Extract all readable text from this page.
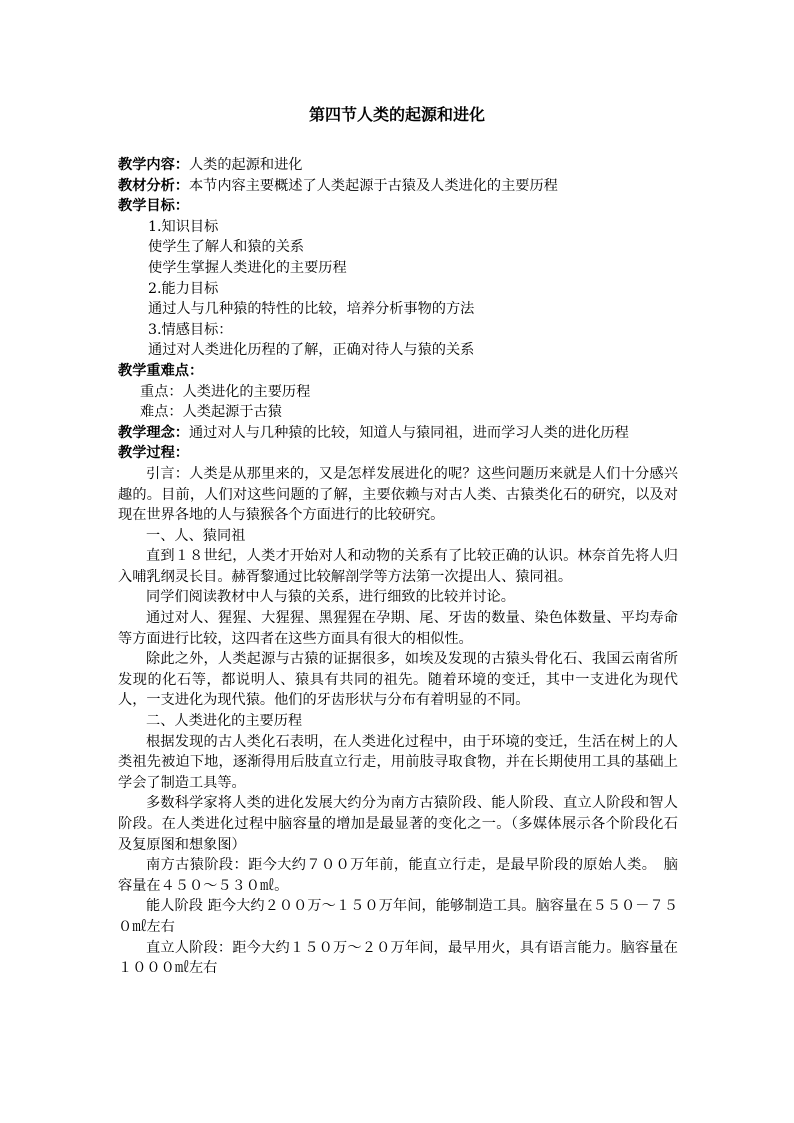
第四节人类的起源和进化
教学内容：人类的起源和进化
教材分析：本节内容主要概述了人类起源于古猿及人类进化的主要历程
教学目标：
1.知识目标
使学生了解人和猿的关系
使学生掌握人类进化的主要历程
2.能力目标
通过人与几种猿的特性的比较，培养分析事物的方法
3.情感目标：
通过对人类进化历程的了解，正确对待人与猿的关系
教学重难点：
重点：人类进化的主要历程
难点：人类起源于古猿
教学理念：通过对人与几种猿的比较，知道人与猿同祖，进而学习人类的进化历程
教学过程：
引言：人类是从那里来的，又是怎样发展进化的呢？这些问题历来就是人们十分感兴趣的。目前，人们对这些问题的了解，主要依赖与对古人类、古猿类化石的研究，以及对现在世界各地的人与猿猴各个方面进行的比较研究。
一、人、猿同祖
直到１８世纪，人类才开始对人和动物的关系有了比较正确的认识。林奈首先将人归入哺乳纲灵长目。赫胥黎通过比较解剖学等方法第一次提出人、猿同祖。
同学们阅读教材中人与猿的关系，进行细致的比较并讨论。
通过对人、猩猩、大猩猩、黑猩猩在孕期、尾、牙齿的数量、染色体数量、平均寿命等方面进行比较，这四者在这些方面具有很大的相似性。
除此之外，人类起源与古猿的证据很多，如埃及发现的古猿头骨化石、我国云南省所发现的化石等，都说明人、猿具有共同的祖先。随着环境的变迁，其中一支进化为现代人，一支进化为现代猿。他们的牙齿形状与分布有着明显的不同。
二、人类进化的主要历程
根据发现的古人类化石表明，在人类进化过程中，由于环境的变迁，生活在树上的人类祖先被迫下地，逐渐得用后肢直立行走，用前肢寻取食物，并在长期使用工具的基础上学会了制造工具等。
多数科学家将人类的进化发展大约分为南方古猿阶段、能人阶段、直立人阶段和智人阶段。在人类进化过程中脑容量的增加是最显著的变化之一。（多媒体展示各个阶段化石及复原图和想象图）
南方古猿阶段：距今大约７００万年前，能直立行走，是最早阶段的原始人类。　脑容量在４５０～５３０㎖。
能人阶段 距今大约２００万～１５０万年间，能够制造工具。脑容量在５５０－７５０㎖左右
直立人阶段：距今大约１５０万～２０万年间，最早用火，具有语言能力。脑容量在１０００㎖左右
